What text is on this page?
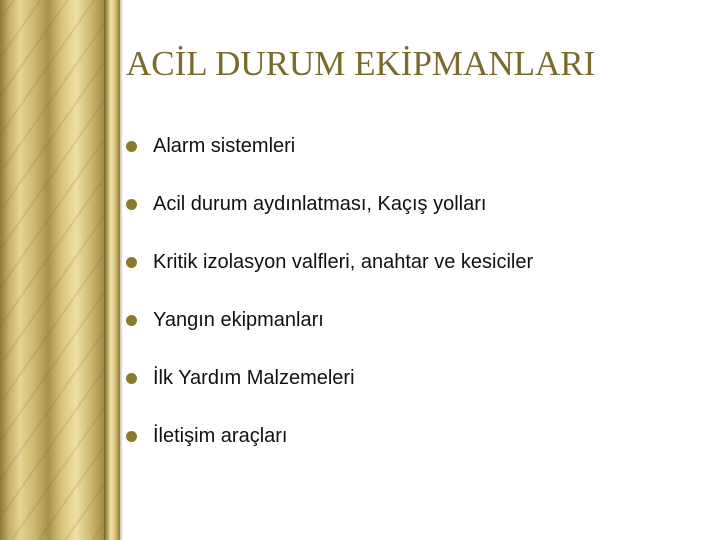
ACİL DURUM EKİPMANLARI
Alarm sistemleri
Acil durum aydınlatması, Kaçış yolları
Kritik izolasyon valfleri, anahtar ve kesiciler
Yangın ekipmanları
İlk Yardım Malzemeleri
İletişim araçları
